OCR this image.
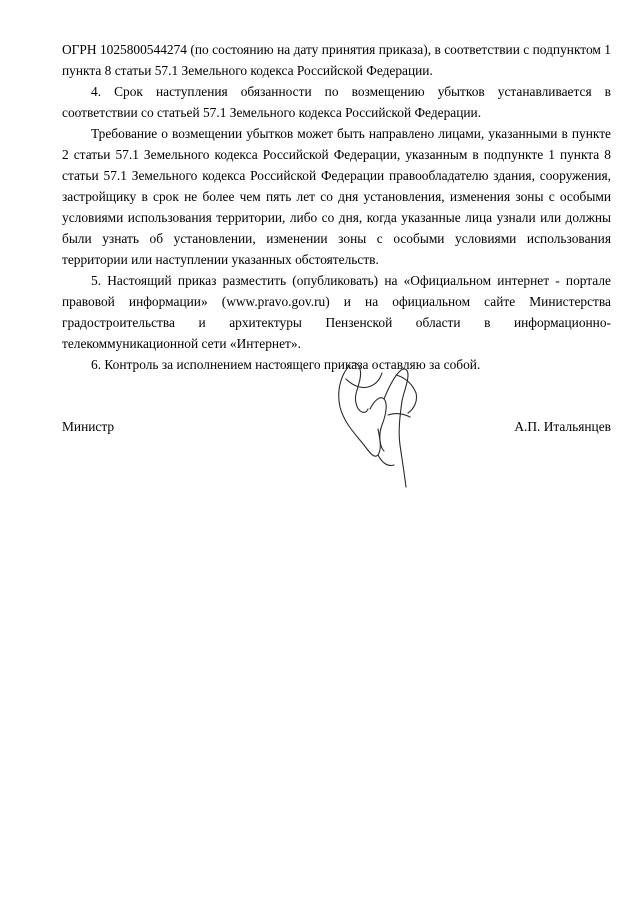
ОГРН 1025800544274 (по состоянию на дату принятия приказа), в соответствии с подпунктом 1 пункта 8 статьи 57.1 Земельного кодекса Российской Федерации.

4. Срок наступления обязанности по возмещению убытков устанавливается в соответствии со статьей 57.1 Земельного кодекса Российской Федерации.

Требование о возмещении убытков может быть направлено лицами, указанными в пункте 2 статьи 57.1 Земельного кодекса Российской Федерации, указанным в подпункте 1 пункта 8 статьи 57.1 Земельного кодекса Российской Федерации правообладателю здания, сооружения, застройщику в срок не более чем пять лет со дня установления, изменения зоны с особыми условиями использования территории, либо со дня, когда указанные лица узнали или должны были узнать об установлении, изменении зоны с особыми условиями использования территории или наступлении указанных обстоятельств.

5. Настоящий приказ разместить (опубликовать) на «Официальном интернет - портале правовой информации» (www.pravo.gov.ru) и на официальном сайте Министерства градостроительства и архитектуры Пензенской области в информационно-телекоммуникационной сети «Интернет».

6. Контроль за исполнением настоящего приказа оставляю за собой.

Министр	А.П. Итальянцев
